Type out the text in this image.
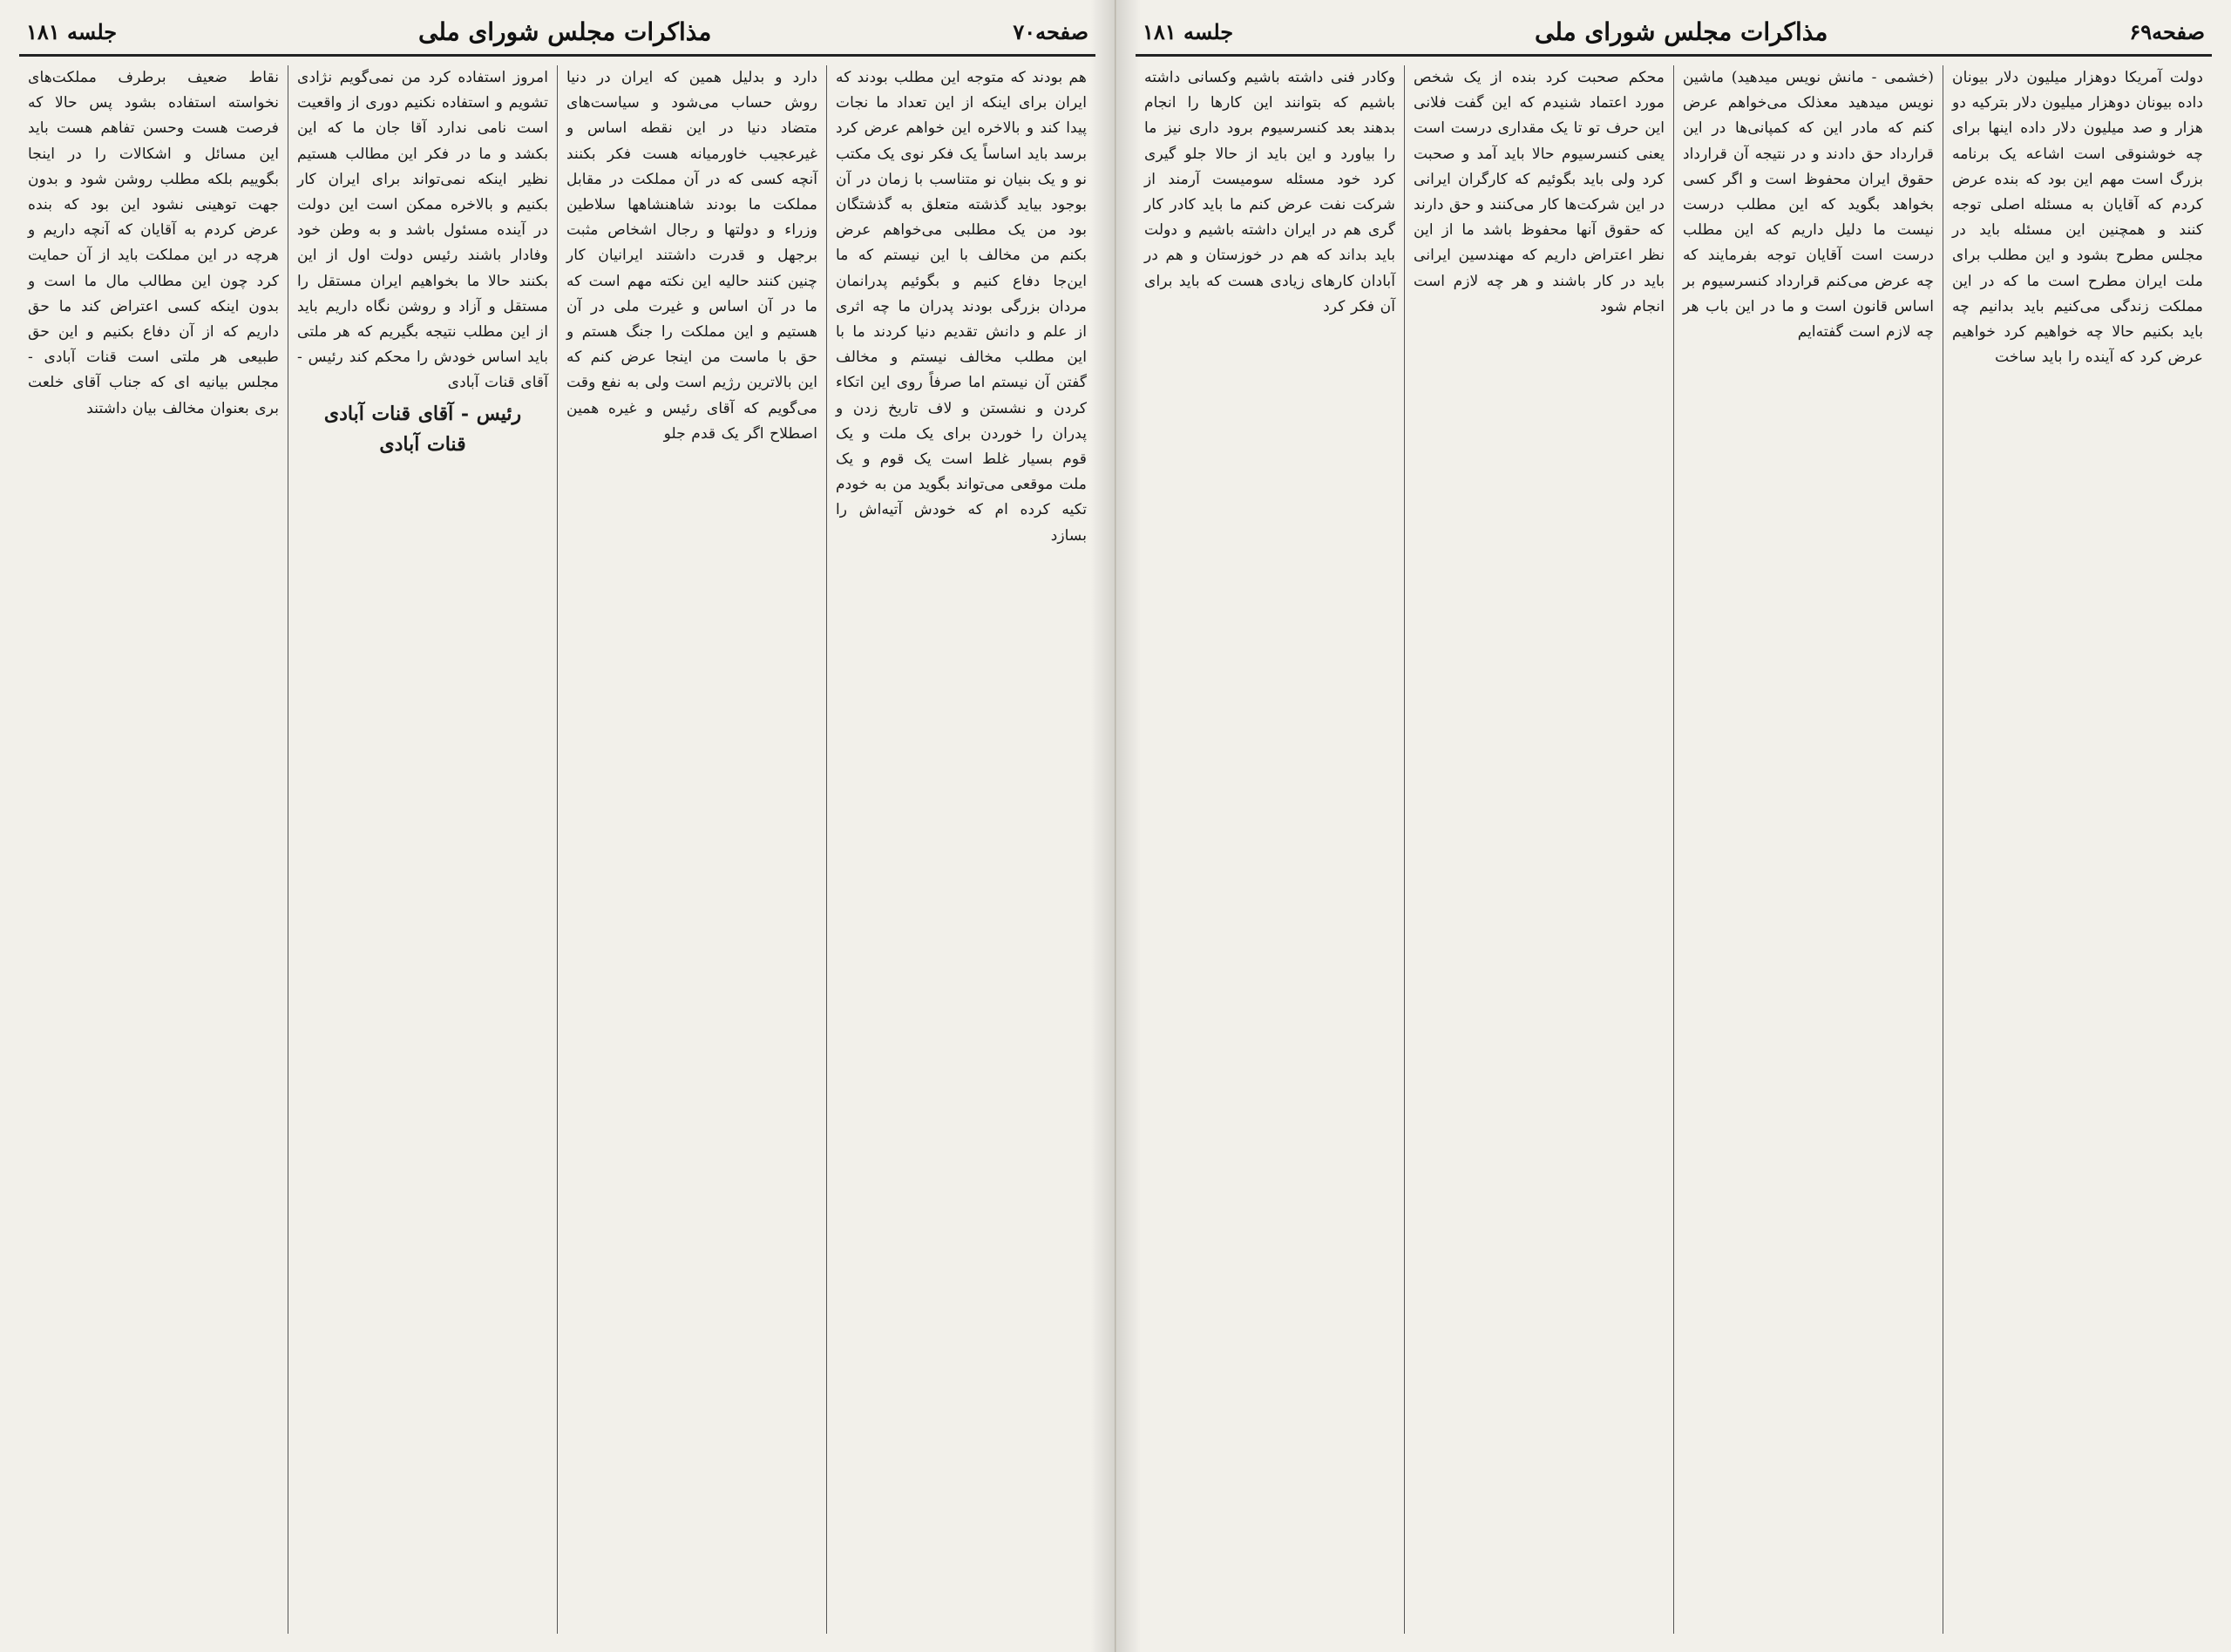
صفحه۷۰
مذاکرات مجلس شورای ملی
جلسه ۱۸۱

هم بودند که متوجه این مطلب بودند که ایران برای اینکه از این تعداد ما نجات پیدا کند و بالاخره این خواهم عرض کرد برسد باید اساساً یک فکر نوی یک مکتب نو و یک بنیان نو متناسب با زمان در آن بوجود بیاید گذشته متعلق به گذشتگان بود من یک مطلبی می‌خواهم عرض بکنم من مخالف با این نیستم که ما این‌جا دفاع کنیم و بگوئیم پدرانمان مردان بزرگی بودند پدران ما چه اثری از علم و دانش تقدیم دنیا کردند ما با این مطلب مخالف نیستم و مخالف گفتن آن نیستم اما صرفاً روی این اتکاء کردن و نشستن و لاف تاریخ زدن و پدران را خوردن برای یک ملت و یک قوم بسیار غلط است یک قوم و یک ملت موقعی می‌تواند بگوید من به خودم تکیه کرده ام که خودش آتیه‌اش را بسازد

دارد و بدلیل همین که ایران در دنیا روش حساب می‌شود و سیاست‌های متضاد دنیا در این نقطه اساس و غیرعجیب خاورمیانه هست فکر بکنند آنچه کسی که در آن مملکت در مقابل مملکت ما بودند شاهنشاهها سلاطین وزراء و دولتها و رجال اشخاص مثبت برجهل و قدرت داشتند ایرانیان کار چنین کنند حالیه این نکته مهم است که ما در آن اساس و غیرت ملی در آن هستیم و این مملکت را جنگ هستم و حق با ماست من اینجا عرض کنم که این بالاترین رژیم است ولی به نفع وقت می‌گویم که آقای رئیس و غیره همین اصطلاح اگر یک قدم جلو

امروز استفاده کرد من نمی‌گویم نژادی تشویم و استفاده نکنیم دوری از واقعیت است نامی ندارد آقا جان ما که این بکشد و ما در فکر این مطالب هستیم نظیر اینکه نمی‌تواند برای ایران کار بکنیم و بالاخره ممکن است این دولت در آینده مسئول باشد و به وطن خود وفادار باشند رئیس دولت اول از این بکنند حالا ما بخواهیم ایران مستقل را مستقل و آزاد و روشن نگاه داریم باید از این مطلب نتیجه بگیریم که هر ملتی باید اساس خودش را محکم کند رئیس - آقای قنات آبادی

رئیس - آقای قنات آبادی
قنات آبادی

نقاط ضعیف برطرف مملکت‌های نخواسته استفاده بشود پس حالا که فرصت هست وحسن تفاهم هست باید این مسائل و اشکالات را در اینجا بگوییم بلکه مطلب روشن شود و بدون جهت توهینی نشود این بود که بنده عرض کردم به آقایان که آنچه داریم و هرچه در این مملکت باید از آن حمایت کرد چون این مطالب مال ما است و بدون اینکه کسی اعتراض کند ما حق داریم که از آن دفاع بکنیم و این حق طبیعی هر ملتی است قنات آبادی - مجلس بیانیه ای که جناب آقای خلعت بری بعنوان مخالف بیان داشتند

صفحه۶۹
مذاکرات مجلس شورای ملی
جلسه ۱۸۱

دولت آمریکا دوهزار میلیون دلار بیونان داده بیونان دوهزار میلیون دلار بترکیه دو هزار و صد میلیون دلار داده اینها برای چه خوشنوقی است اشاعه یک برنامه بزرگ است مهم این بود که بنده عرض کردم که آقایان به مسئله اصلی توجه کنند و همچنین این مسئله باید در مجلس مطرح بشود و این مطلب برای ملت ایران مطرح است ما که در این مملکت زندگی می‌کنیم باید بدانیم چه باید بکنیم حالا چه خواهیم کرد خواهیم عرض کرد که آینده را باید ساخت

(خشمی - مانش نویس میدهید) ماشین نویس میدهید معذلک می‌خواهم عرض کنم که مادر این که کمپانی‌ها در این قرارداد حق دادند و در نتیجه آن قرارداد حقوق ایران محفوظ است و اگر کسی بخواهد بگوید که این مطلب درست نیست ما دلیل داریم که این مطلب درست است آقایان توجه بفرمایند که چه عرض می‌کنم قرارداد کنسرسیوم بر اساس قانون است و ما در این باب هر چه لازم است گفته‌ایم

محکم صحبت کرد بنده از یک شخص مورد اعتماد شنیدم که این گفت فلانی این حرف تو تا یک مقداری درست است یعنی کنسرسیوم حالا باید آمد و صحبت کرد ولی باید بگوئیم که کارگران ایرانی در این شرکت‌ها کار می‌کنند و حق دارند که حقوق آنها محفوظ باشد ما از این نظر اعتراض داریم که مهندسین ایرانی باید در کار باشند و هر چه لازم است انجام شود

وکادر فنی داشته باشیم وکسانی داشته باشیم که بتوانند این کارها را انجام بدهند بعد کنسرسیوم برود داری نیز ما را بیاورد و این باید از حالا جلو گیری کرد خود مسئله سومیست آرمند از شرکت نفت عرض کنم ما باید کادر کار گری هم در ایران داشته باشیم و دولت باید بداند که هم در خوزستان و هم در آبادان کارهای زیادی هست که باید برای آن فکر کرد
